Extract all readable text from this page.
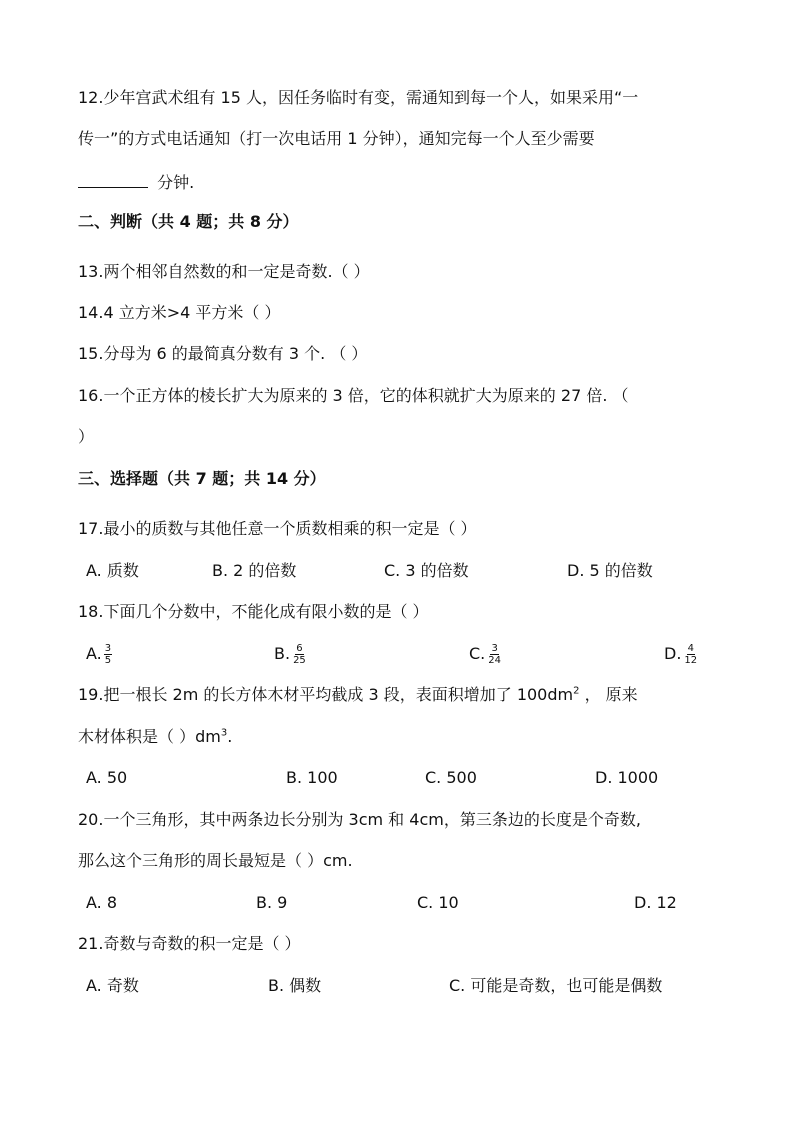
12.少年宫武术组有 15 人，因任务临时有变，需通知到每一个人，如果采用“一
传一”的方式电话通知（打一次电话用 1 分钟），通知完每一个人至少需要
分钟.
二、判断（共 4 题；共 8 分）
13.两个相邻自然数的和一定是奇数.（ ）
14.4 立方米>4 平方米（ ）
15.分母为 6 的最简真分数有 3 个. （ ）
16.一个正方体的棱长扩大为原来的 3 倍，它的体积就扩大为原来的 27 倍. （
）
三、选择题（共 7 题；共 14 分）
17.最小的质数与其他任意一个质数相乘的积一定是（ ）
A. 质数	B. 2 的倍数	C. 3 的倍数	D. 5 的倍数
18.下面几个分数中，不能化成有限小数的是（ ）
A. $\frac{3}{5}$	B. $\frac{6}{25}$	C. $\frac{3}{24}$	D. $\frac{4}{12}$
19.把一根长 2m 的长方体木材平均截成 3 段，表面积增加了 $100dm^2$ ， 原来
木材体积是（ ）$dm^3$.
A. 50	B. 100	C. 500	D. 1000
20.一个三角形，其中两条边长分别为 3cm 和 4cm，第三条边的长度是个奇数,
那么这个三角形的周长最短是（ ）cm.
A. 8	B. 9	C. 10	D. 12
21.奇数与奇数的积一定是（ ）
A. 奇数	B. 偶数	C. 可能是奇数，也可能是偶数
